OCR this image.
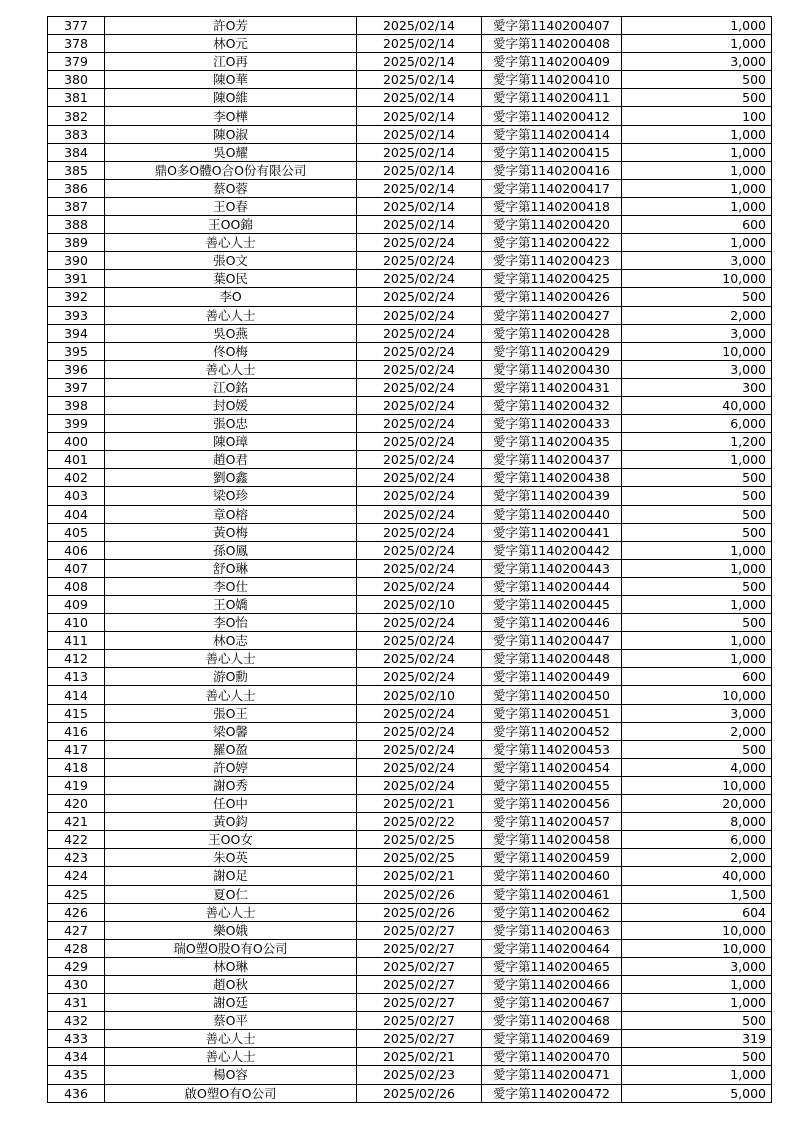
377	許O芳	2025/02/14	愛字第1140200407	1,000
378	林O元	2025/02/14	愛字第1140200408	1,000
379	江O再	2025/02/14	愛字第1140200409	3,000
380	陳O華	2025/02/14	愛字第1140200410	500
381	陳O維	2025/02/14	愛字第1140200411	500
382	李O樺	2025/02/14	愛字第1140200412	100
383	陳O淑	2025/02/14	愛字第1140200414	1,000
384	吳O耀	2025/02/14	愛字第1140200415	1,000
385	鼎O多O體O合O份有限公司	2025/02/14	愛字第1140200416	1,000
386	蔡O蓉	2025/02/14	愛字第1140200417	1,000
387	王O春	2025/02/14	愛字第1140200418	1,000
388	王OO錦	2025/02/14	愛字第1140200420	600
389	善心人士	2025/02/24	愛字第1140200422	1,000
390	張O文	2025/02/24	愛字第1140200423	3,000
391	葉O民	2025/02/24	愛字第1140200425	10,000
392	李O	2025/02/24	愛字第1140200426	500
393	善心人士	2025/02/24	愛字第1140200427	2,000
394	吳O燕	2025/02/24	愛字第1140200428	3,000
395	佟O梅	2025/02/24	愛字第1140200429	10,000
396	善心人士	2025/02/24	愛字第1140200430	3,000
397	江O銘	2025/02/24	愛字第1140200431	300
398	封O媛	2025/02/24	愛字第1140200432	40,000
399	張O忠	2025/02/24	愛字第1140200433	6,000
400	陳O璋	2025/02/24	愛字第1140200435	1,200
401	趙O君	2025/02/24	愛字第1140200437	1,000
402	劉O鑫	2025/02/24	愛字第1140200438	500
403	梁O珍	2025/02/24	愛字第1140200439	500
404	章O榕	2025/02/24	愛字第1140200440	500
405	黃O梅	2025/02/24	愛字第1140200441	500
406	孫O鳳	2025/02/24	愛字第1140200442	1,000
407	舒O琳	2025/02/24	愛字第1140200443	1,000
408	李O仕	2025/02/24	愛字第1140200444	500
409	王O嬌	2025/02/10	愛字第1140200445	1,000
410	李O怡	2025/02/24	愛字第1140200446	500
411	林O志	2025/02/24	愛字第1140200447	1,000
412	善心人士	2025/02/24	愛字第1140200448	1,000
413	游O勳	2025/02/24	愛字第1140200449	600
414	善心人士	2025/02/10	愛字第1140200450	10,000
415	張O王	2025/02/24	愛字第1140200451	3,000
416	梁O馨	2025/02/24	愛字第1140200452	2,000
417	羅O盈	2025/02/24	愛字第1140200453	500
418	許O婷	2025/02/24	愛字第1140200454	4,000
419	謝O秀	2025/02/24	愛字第1140200455	10,000
420	任O中	2025/02/21	愛字第1140200456	20,000
421	黃O鈞	2025/02/22	愛字第1140200457	8,000
422	王OO女	2025/02/25	愛字第1140200458	6,000
423	朱O英	2025/02/25	愛字第1140200459	2,000
424	謝O足	2025/02/21	愛字第1140200460	40,000
425	夏O仁	2025/02/26	愛字第1140200461	1,500
426	善心人士	2025/02/26	愛字第1140200462	604
427	樂O娥	2025/02/27	愛字第1140200463	10,000
428	瑞O塑O股O有O公司	2025/02/27	愛字第1140200464	10,000
429	林O琳	2025/02/27	愛字第1140200465	3,000
430	趙O秋	2025/02/27	愛字第1140200466	1,000
431	謝O廷	2025/02/27	愛字第1140200467	1,000
432	蔡O平	2025/02/27	愛字第1140200468	500
433	善心人士	2025/02/27	愛字第1140200469	319
434	善心人士	2025/02/21	愛字第1140200470	500
435	楊O容	2025/02/23	愛字第1140200471	1,000
436	啟O塑O有O公司	2025/02/26	愛字第1140200472	5,000
